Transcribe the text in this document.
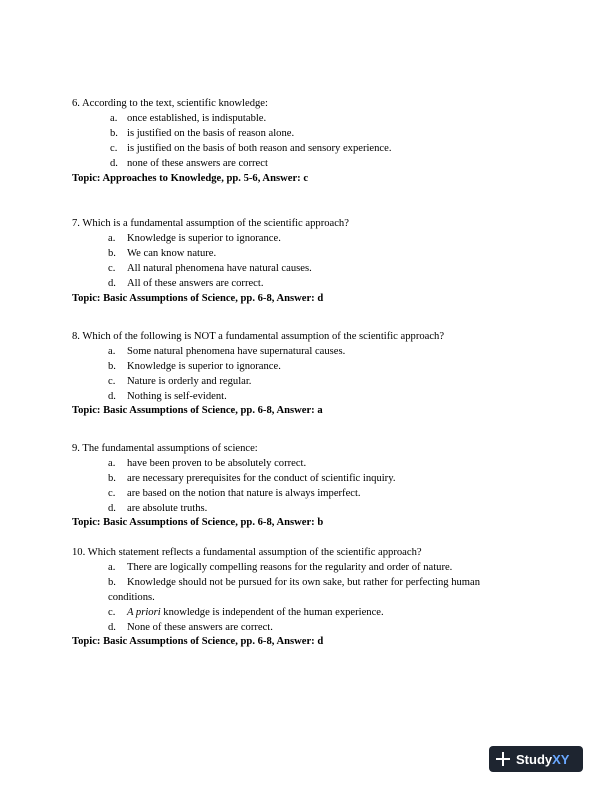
6. According to the text, scientific knowledge:
a. once established, is indisputable.
b. is justified on the basis of reason alone.
c. is justified on the basis of both reason and sensory experience.
d. none of these answers are correct
Topic: Approaches to Knowledge, pp. 5-6, Answer: c
7. Which is a fundamental assumption of the scientific approach?
a. Knowledge is superior to ignorance.
b. We can know nature.
c. All natural phenomena have natural causes.
d. All of these answers are correct.
Topic: Basic Assumptions of Science, pp. 6-8, Answer: d
8. Which of the following is NOT a fundamental assumption of the scientific approach?
a. Some natural phenomena have supernatural causes.
b. Knowledge is superior to ignorance.
c. Nature is orderly and regular.
d. Nothing is self-evident.
Topic: Basic Assumptions of Science, pp. 6-8, Answer: a
9. The fundamental assumptions of science:
a. have been proven to be absolutely correct.
b. are necessary prerequisites for the conduct of scientific inquiry.
c. are based on the notion that nature is always imperfect.
d. are absolute truths.
Topic: Basic Assumptions of Science, pp. 6-8, Answer: b
10. Which statement reflects a fundamental assumption of the scientific approach?
a. There are logically compelling reasons for the regularity and order of nature.
b. Knowledge should not be pursued for its own sake, but rather for perfecting human
conditions.
c. A priori knowledge is independent of the human experience.
d. None of these answers are correct.
Topic: Basic Assumptions of Science, pp. 6-8, Answer: d
Study XY
